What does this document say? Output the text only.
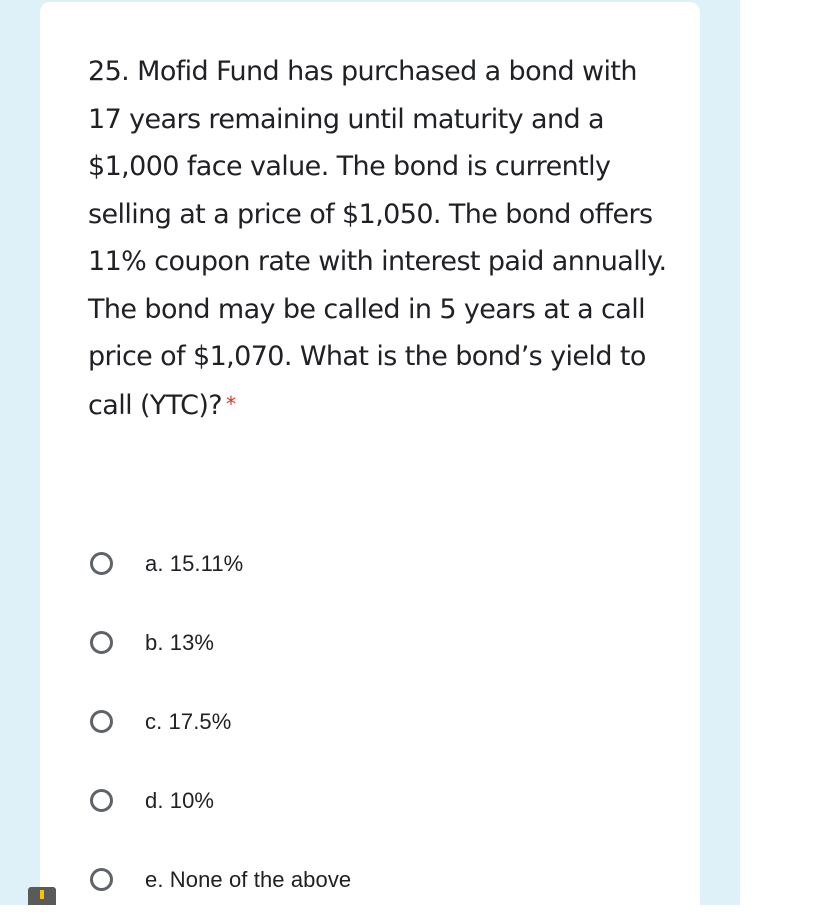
25. Mofid Fund has purchased a bond with 17 years remaining until maturity and a $1,000 face value. The bond is currently selling at a price of $1,050. The bond offers 11% coupon rate with interest paid annually. The bond may be called in 5 years at a call price of $1,070. What is the bond’s yield to call (YTC)? *

a. 15.11%
b. 13%
c. 17.5%
d. 10%
e. None of the above
